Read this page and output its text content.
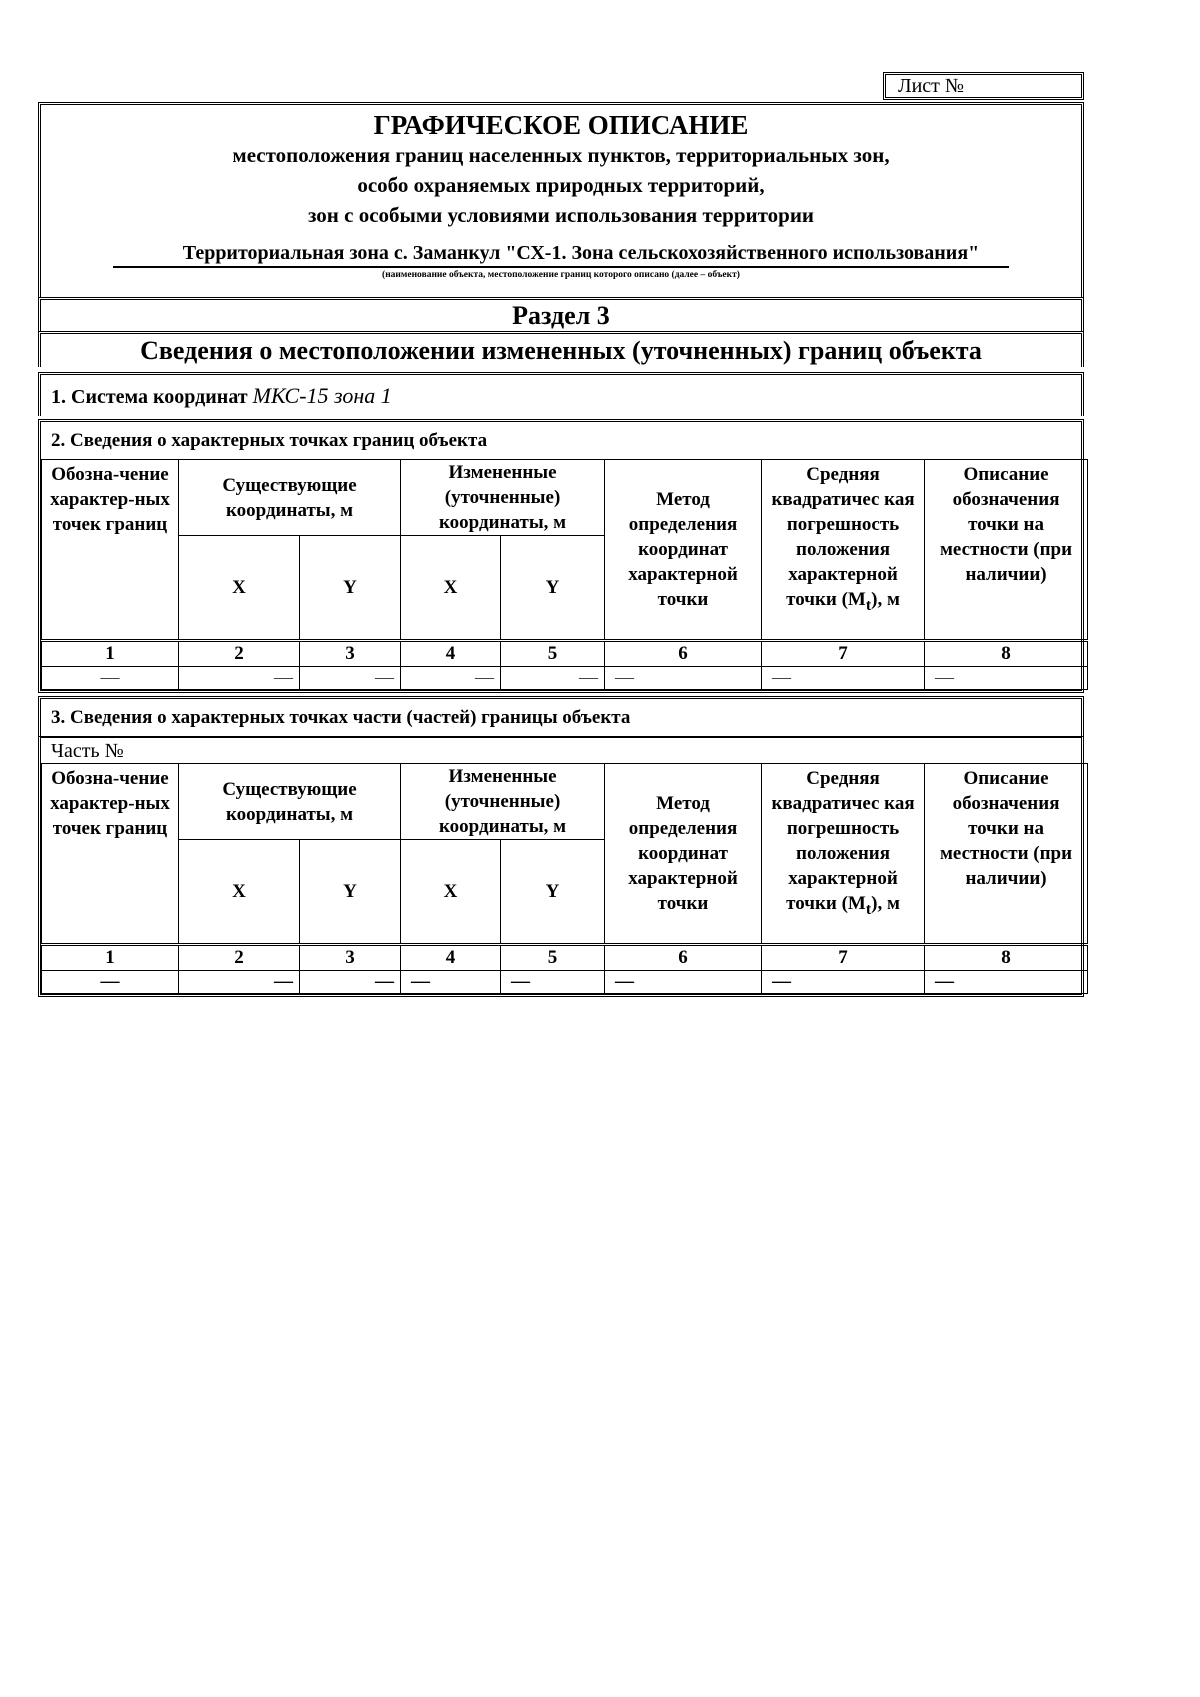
Лист №
ГРАФИЧЕСКОЕ ОПИСАНИЕ
местоположения границ населенных пунктов, территориальных зон,
особо охраняемых природных территорий,
зон с особыми условиями использования территории
Территориальная зона с. Заманкул "СХ-1. Зона сельскохозяйственного использования"
(наименование объекта, местоположение границ которого описано (далее – объект)
Раздел 3
Сведения о местоположении измененных (уточненных) границ объекта
1. Система координат МКС-15 зона 1
2. Сведения о характерных точках границ объекта
Обозна-чение характер-ных точек границ	Существующие координаты, м		Измененные (уточненные) координаты, м		Метод определения координат характерной точки	Средняя квадратичес кая погрешность положения характерной точки $(M_t)$, м	Описание обозначения точки на местности (при наличии)
	X	Y	X	Y			
1	2	3	4	5	6	7	8
—	—	—	—	—	—	—	—
3. Сведения о характерных точках части (частей) границы объекта
Часть №
Обозна-чение характер-ных точек границ	Существующие координаты, м		Измененные (уточненные) координаты, м		Метод определения координат характерной точки	Средняя квадратичес кая погрешность положения характерной точки $(M_t)$, м	Описание обозначения точки на местности (при наличии)
	X	Y	X	Y			
1	2	3	4	5	6	7	8
—	—	—	—	—	—	—	—
